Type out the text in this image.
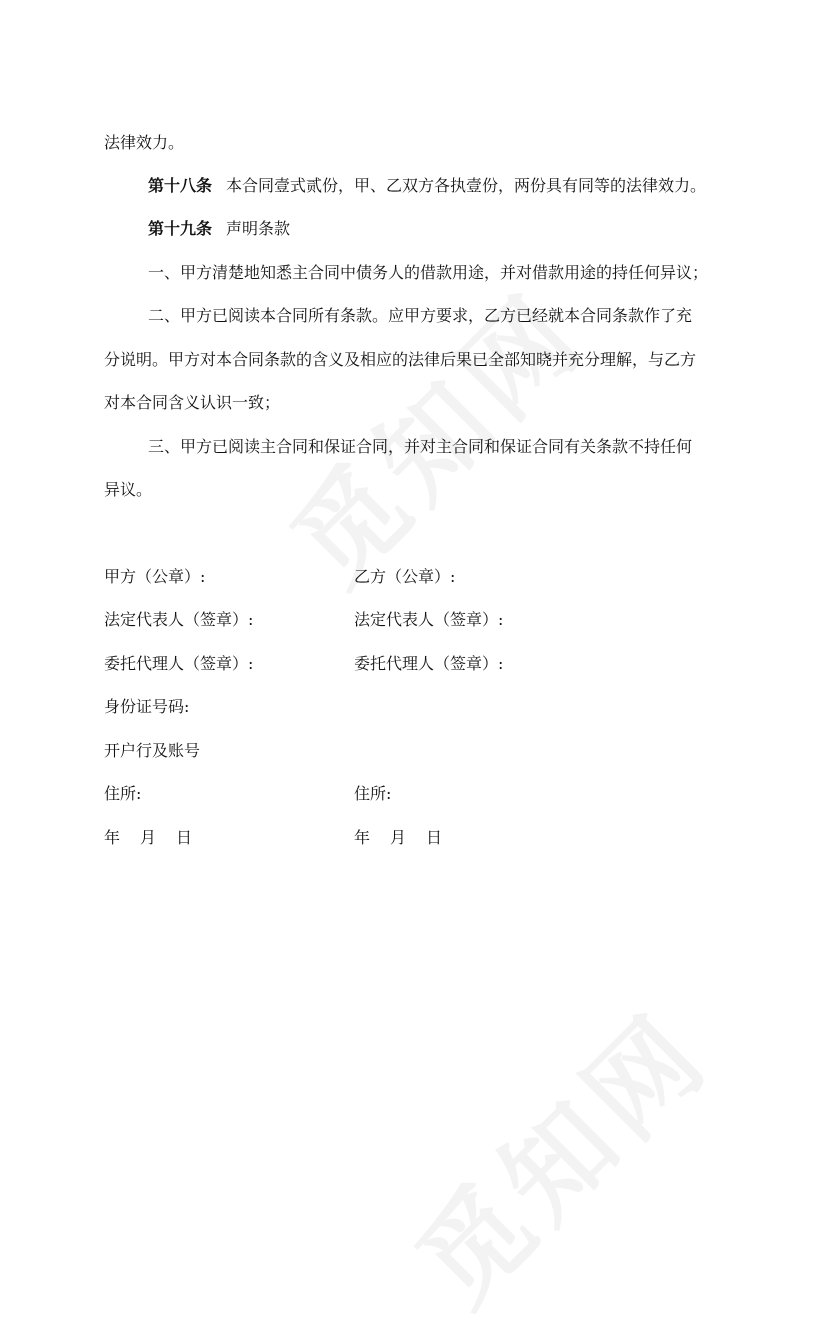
法律效力。
第十八条 本合同壹式贰份，甲、乙双方各执壹份，两份具有同等的法律效力。
第十九条 声明条款
一、甲方清楚地知悉主合同中债务人的借款用途，并对借款用途的持任何异议；
二、甲方已阅读本合同所有条款。应甲方要求，乙方已经就本合同条款作了充
分说明。甲方对本合同条款的含义及相应的法律后果已全部知晓并充分理解，与乙方
对本合同含义认识一致；
三、甲方已阅读主合同和保证合同，并对主合同和保证合同有关条款不持任何
异议。
甲方（公章）:
法定代表人（签章）:
委托代理人（签章）:
身份证号码:
开户行及账号
住所:
年 月 日
乙方（公章）:
法定代表人（签章）:
委托代理人（签章）:
住所:
年 月 日
